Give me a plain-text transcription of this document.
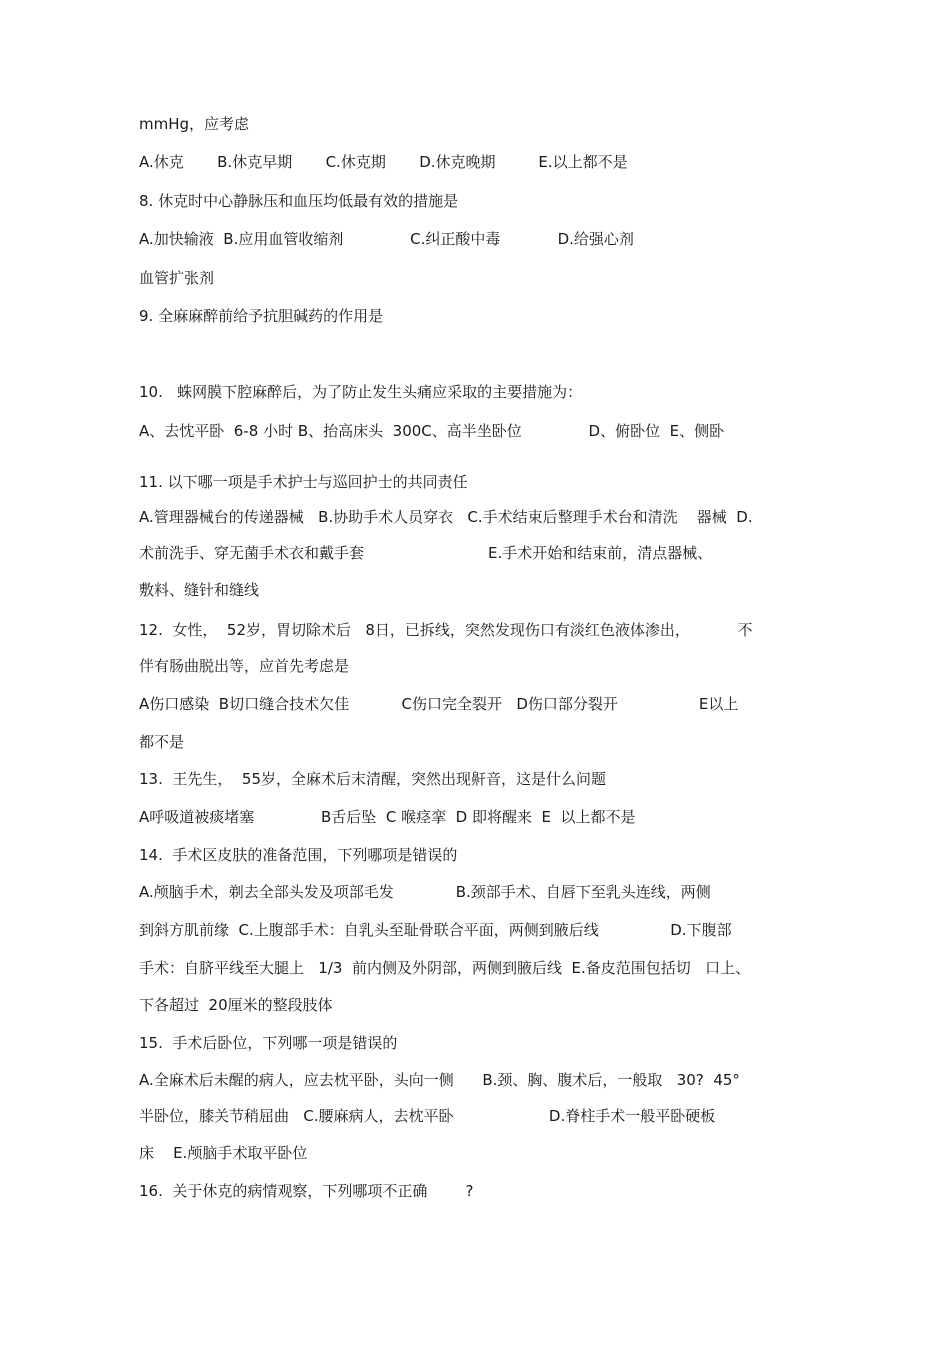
mmHg，应考虑
A.休克       B.休克早期       C.休克期       D.休克晚期         E.以上都不是
8. 休克时中心静脉压和血压均低最有效的措施是
A.加快输液  B.应用血管收缩剂              C.纠正酸中毒            D.给强心剂
血管扩张剂
9. 全麻麻醉前给予抗胆碱药的作用是
10.   蛛网膜下腔麻醉后，为了防止发生头痛应采取的主要措施为：
A、去忱平卧  6-8 小时 B、抬高床头  300C、高半坐卧位              D、俯卧位  E、侧卧
11. 以下哪一项是手术护士与巡回护士的共同责任
A.管理器械台的传递器械   B.协助手术人员穿衣   C.手术结束后整理手术台和清洗    器械  D.
术前洗手、穿无菌手术衣和戴手套                          E.手术开始和结束前，清点器械、
敷料、缝针和缝线
12.  女性，  52岁，胃切除术后   8日，已拆线，突然发现伤口有淡红色液体渗出，          不
伴有肠曲脱出等，应首先考虑是
A伤口感染  B切口缝合技术欠佳           C伤口完全裂开   D伤口部分裂开                 E以上
都不是
13.  王先生，  55岁，全麻术后末清醒，突然出现鼾音，这是什么问题
A呼吸道被痰堵塞              B舌后坠  C 喉痉挛  D 即将醒来  E  以上都不是
14.  手术区皮肤的准备范围，下列哪项是错误的
A.颅脑手术，剃去全部头发及项部毛发             B.颈部手术、自唇下至乳头连线，两侧
到斜方肌前缘  C.上腹部手术：自乳头至耻骨联合平面，两侧到腋后线               D.下腹部
手术：自脐平线至大腿上   1/3  前内侧及外阴部，两侧到腋后线  E.备皮范围包括切   口上、
下各超过  20厘米的整段肢体
15.  手术后卧位，下列哪一项是错误的
A.全麻术后未醒的病人，应去枕平卧，头向一侧      B.颈、胸、腹术后，一般取   30?  45°
半卧位，膝关节稍屈曲   C.腰麻病人，去枕平卧                    D.脊柱手术一般平卧硬板
床    E.颅脑手术取平卧位
16.  关于休克的病情观察，下列哪项不正确        ?
